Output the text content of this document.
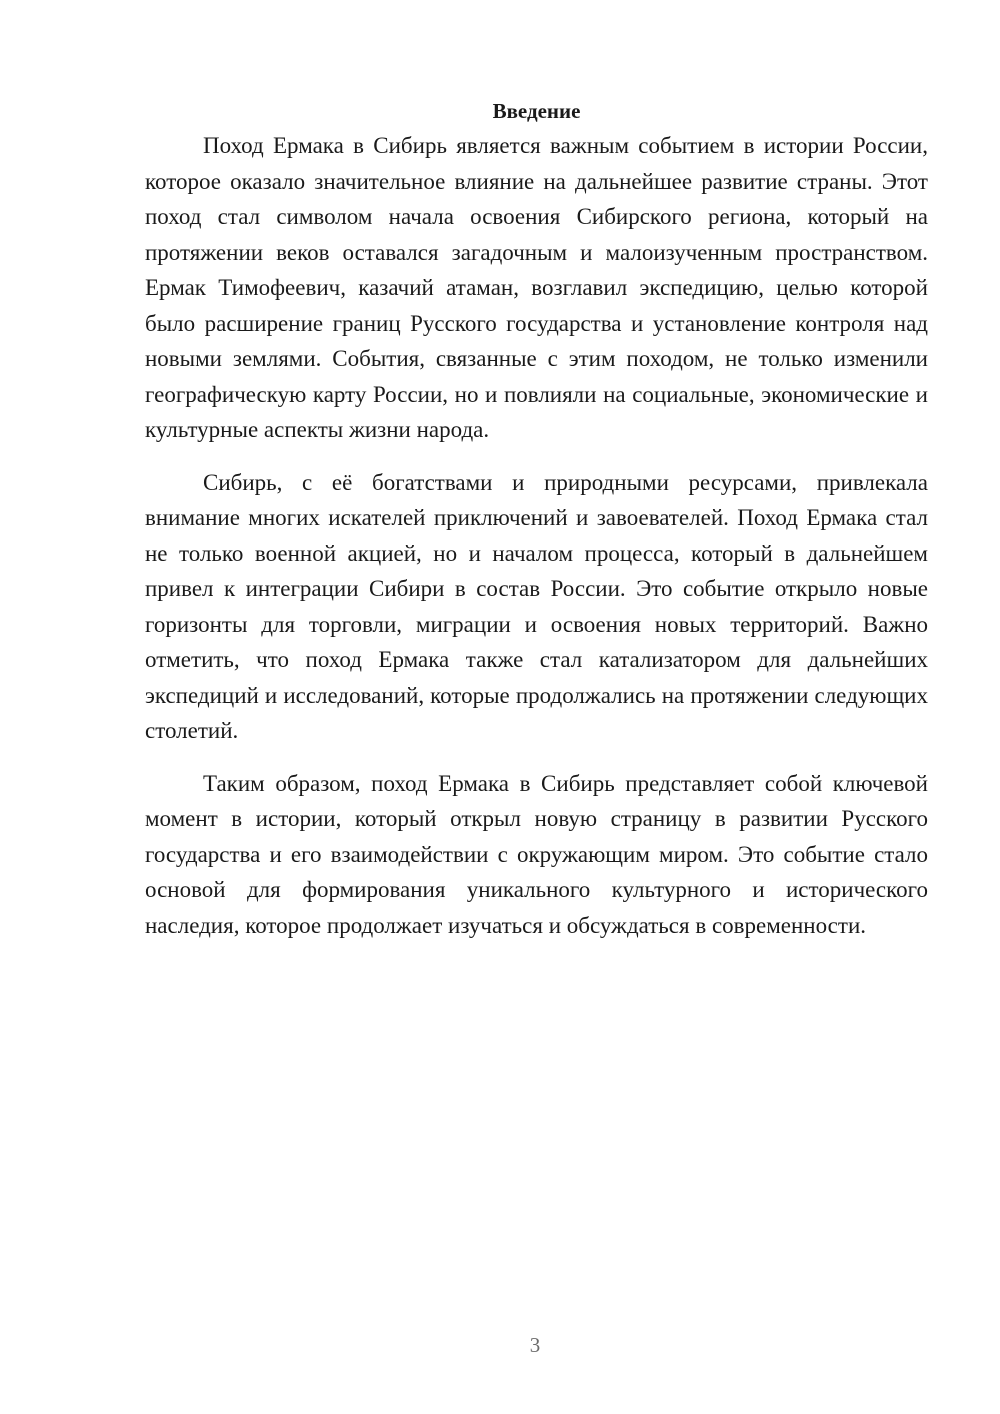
Введение

Поход Ермака в Сибирь является важным событием в истории России, которое оказало значительное влияние на дальнейшее развитие страны. Этот поход стал символом начала освоения Сибирского региона, который на протяжении веков оставался загадочным и малоизученным пространством. Ермак Тимофеевич, казачий атаман, возглавил экспедицию, целью которой было расширение границ Русского государства и установление контроля над новыми землями. События, связанные с этим походом, не только изменили географическую карту России, но и повлияли на социальные, экономические и культурные аспекты жизни народа.

Сибирь, с её богатствами и природными ресурсами, привлекала внимание многих искателей приключений и завоевателей. Поход Ермака стал не только военной акцией, но и началом процесса, который в дальнейшем привел к интеграции Сибири в состав России. Это событие открыло новые горизонты для торговли, миграции и освоения новых территорий. Важно отметить, что поход Ермака также стал катализатором для дальнейших экспедиций и исследований, которые продолжались на протяжении следующих столетий.

Таким образом, поход Ермака в Сибирь представляет собой ключевой момент в истории, который открыл новую страницу в развитии Русского государства и его взаимодействии с окружающим миром. Это событие стало основой для формирования уникального культурного и исторического наследия, которое продолжает изучаться и обсуждаться в современности.

3
